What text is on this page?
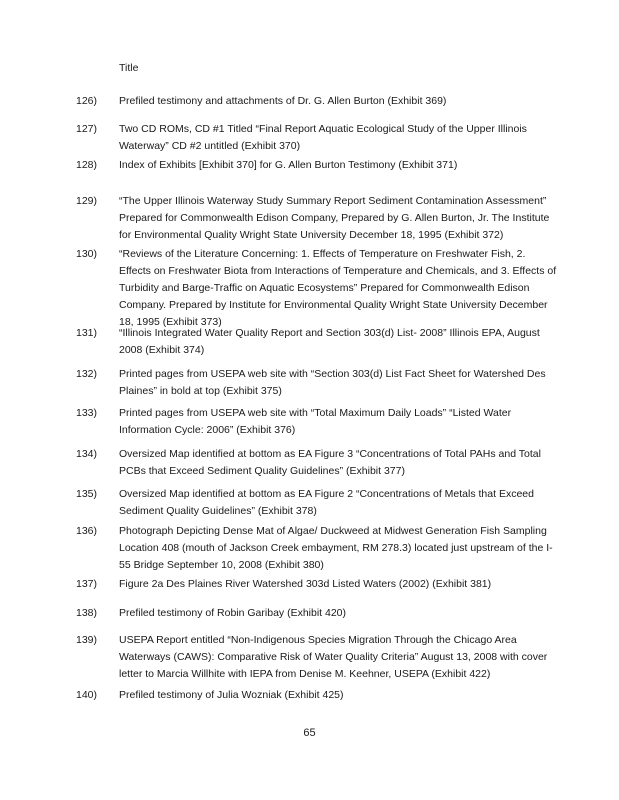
Title
126) Prefiled testimony and attachments of Dr. G. Allen Burton (Exhibit 369)
127) Two CD ROMs, CD #1 Titled “Final Report Aquatic Ecological Study of the Upper Illinois
Waterway” CD #2 untitled (Exhibit 370)
128) Index of Exhibits [Exhibit 370] for G. Allen Burton Testimony (Exhibit 371)
129) “The Upper Illinois Waterway Study Summary Report Sediment Contamination Assessment”
Prepared for Commonwealth Edison Company, Prepared by G. Allen Burton, Jr. The Institute
for Environmental Quality Wright State University December 18, 1995 (Exhibit 372)
130) “Reviews of the Literature Concerning: 1. Effects of Temperature on Freshwater Fish, 2.
Effects on Freshwater Biota from Interactions of Temperature and Chemicals, and 3. Effects of
Turbidity and Barge-Traffic on Aquatic Ecosystems” Prepared for Commonwealth Edison
Company. Prepared by Institute for Environmental Quality Wright State University December
18, 1995 (Exhibit 373)
131) “Illinois Integrated Water Quality Report and Section 303(d) List- 2008” Illinois EPA, August
2008 (Exhibit 374)
132) Printed pages from USEPA web site with “Section 303(d) List Fact Sheet for Watershed Des
Plaines” in bold at top (Exhibit 375)
133) Printed pages from USEPA web site with “Total Maximum Daily Loads” “Listed Water
Information Cycle: 2006” (Exhibit 376)
134) Oversized Map identified at bottom as EA Figure 3 “Concentrations of Total PAHs and Total
PCBs that Exceed Sediment Quality Guidelines” (Exhibit 377)
135) Oversized Map identified at bottom as EA Figure 2 “Concentrations of Metals that Exceed
Sediment Quality Guidelines” (Exhibit 378)
136) Photograph Depicting Dense Mat of Algae/ Duckweed at Midwest Generation Fish Sampling
Location 408 (mouth of Jackson Creek embayment, RM 278.3) located just upstream of the I-
55 Bridge September 10, 2008 (Exhibit 380)
137) Figure 2a Des Plaines River Watershed 303d Listed Waters (2002) (Exhibit 381)
138) Prefiled testimony of Robin Garibay (Exhibit 420)
139) USEPA Report entitled “Non-Indigenous Species Migration Through the Chicago Area
Waterways (CAWS): Comparative Risk of Water Quality Criteria” August 13, 2008 with cover
letter to Marcia Willhite with IEPA from Denise M. Keehner, USEPA (Exhibit 422)
140) Prefiled testimony of Julia Wozniak (Exhibit 425)
65
